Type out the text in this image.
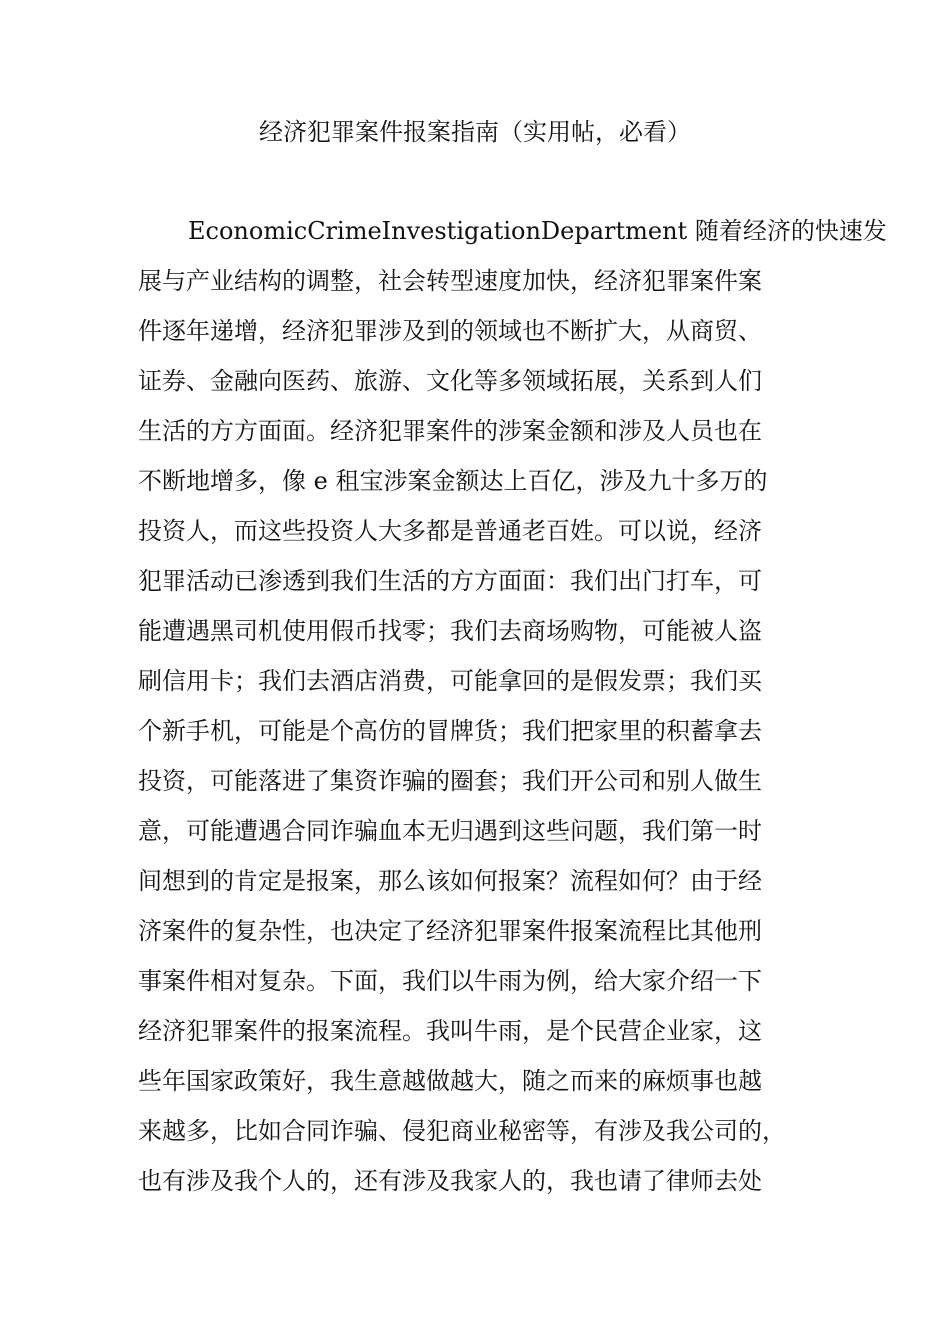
经济犯罪案件报案指南（实用帖，必看）
EconomicCrimeInvestigationDepartment 随着经济的快速发
展与产业结构的调整，社会转型速度加快，经济犯罪案件案
件逐年递增，经济犯罪涉及到的领域也不断扩大，从商贸、
证券、金融向医药、旅游、文化等多领域拓展，关系到人们
生活的方方面面。经济犯罪案件的涉案金额和涉及人员也在
不断地增多，像 e 租宝涉案金额达上百亿，涉及九十多万的
投资人，而这些投资人大多都是普通老百姓。可以说，经济
犯罪活动已渗透到我们生活的方方面面：我们出门打车，可
能遭遇黑司机使用假币找零；我们去商场购物，可能被人盗
刷信用卡；我们去酒店消费，可能拿回的是假发票；我们买
个新手机，可能是个高仿的冒牌货；我们把家里的积蓄拿去
投资，可能落进了集资诈骗的圈套；我们开公司和别人做生
意，可能遭遇合同诈骗血本无归遇到这些问题，我们第一时
间想到的肯定是报案，那么该如何报案？流程如何？由于经
济案件的复杂性，也决定了经济犯罪案件报案流程比其他刑
事案件相对复杂。下面，我们以牛雨为例，给大家介绍一下
经济犯罪案件的报案流程。我叫牛雨，是个民营企业家，这
些年国家政策好，我生意越做越大，随之而来的麻烦事也越
来越多，比如合同诈骗、侵犯商业秘密等，有涉及我公司的，
也有涉及我个人的，还有涉及我家人的，我也请了律师去处
